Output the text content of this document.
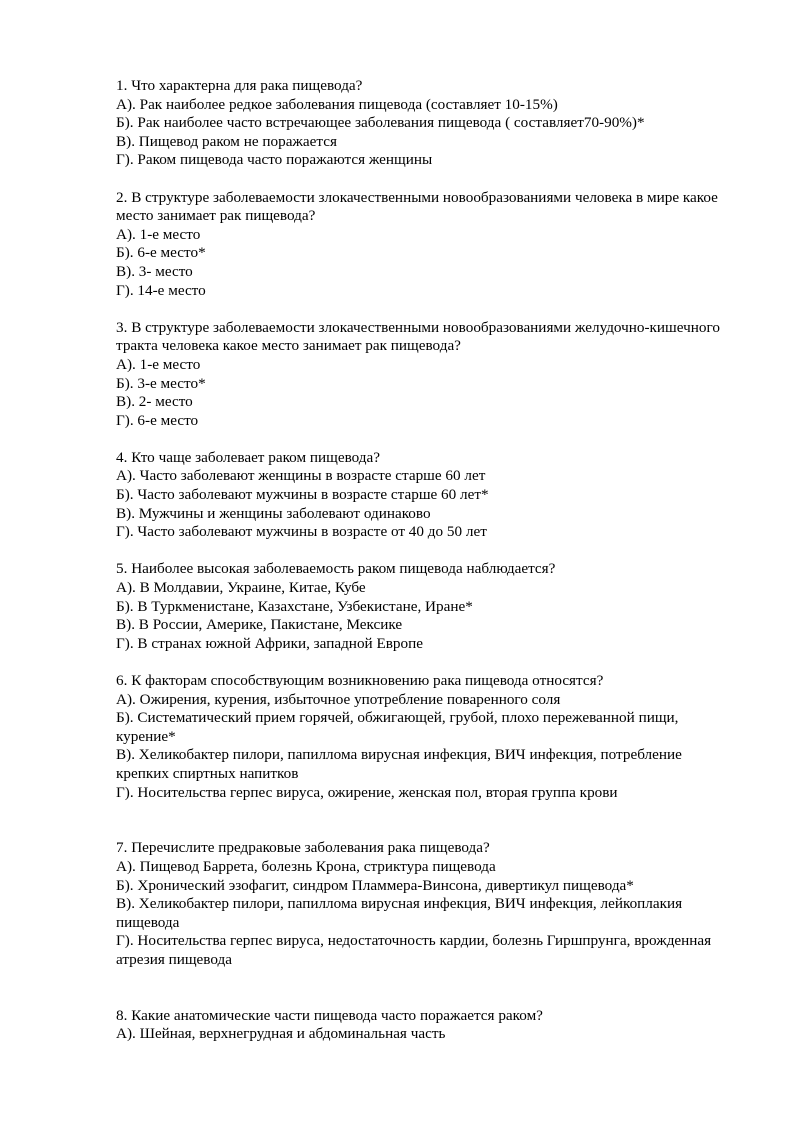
1. Что характерна для рака пищевода?

А). Рак наиболее редкое заболевания пищевода (составляет 10-15%)

Б). Рак наиболее часто встречающее заболевания пищевода ( составляет70-90%)*

В). Пищевод раком не поражается

Г). Раком пищевода часто поражаются женщины

2. В структуре заболеваемости злокачественными новообразованиями человека в мире какое место занимает рак пищевода?

А). 1-е место

Б). 6-е место*

В). 3- место

Г). 14-е место

3. В структуре заболеваемости злокачественными новообразованиями желудочно-кишечного тракта человека какое место занимает рак пищевода?

А). 1-е место

Б). 3-е место*

В). 2- место

Г). 6-е место

4. Кто чаще заболевает раком пищевода?

А). Часто заболевают женщины в возрасте старше 60 лет

Б). Часто заболевают мужчины в возрасте старше 60 лет*

В). Мужчины и женщины заболевают одинаково

Г). Часто заболевают мужчины в возрасте от 40 до 50 лет

5. Наиболее высокая заболеваемость раком пищевода наблюдается?

А). В Молдавии, Украине, Китае, Кубе

Б). В Туркменистане, Казахстане, Узбекистане, Иране*

В). В России, Америке, Пакистане, Мексике

Г). В странах южной Африки, западной Европе

6. К факторам способствующим возникновению рака пищевода относятся?

А). Ожирения, курения, избыточное употребление поваренного соля

Б). Систематический прием горячей, обжигающей, грубой, плохо пережеванной пищи, курение*

В). Хеликобактер пилори, папиллома вирусная инфекция, ВИЧ инфекция, потребление крепких спиртных напитков

Г). Носительства герпес вируса, ожирение, женская пол, вторая группа крови

7. Перечислите предраковые заболевания рака пищевода?

А). Пищевод Баррета, болезнь Крона, стриктура пищевода

Б). Хронический эзофагит, синдром Пламмера-Винсона, дивертикул пищевода*

В). Хеликобактер пилори, папиллома вирусная инфекция, ВИЧ инфекция, лейкоплакия пищевода

Г). Носительства герпес вируса, недостаточность кардии, болезнь Гиршпрунга, врожденная атрезия пищевода

8. Какие анатомические части пищевода часто поражается раком?

А). Шейная, верхнегрудная и абдоминальная часть
